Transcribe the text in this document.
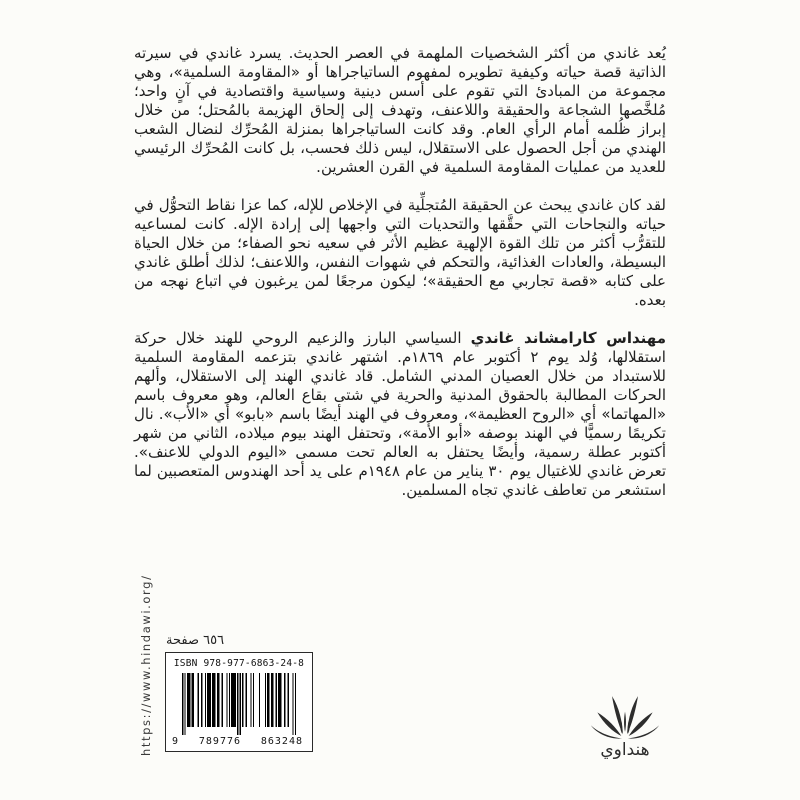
يُعد غاندي من أكثر الشخصيات الملهمة في العصر الحديث. يسرد غاندي في سيرته الذاتية قصة حياته وكيفية تطويره لمفهوم الساتياجراها أو «المقاومة السلمية»، وهي مجموعة من المبادئ التي تقوم على أسس دينية وسياسية واقتصادية في آنٍ واحد؛ مُلخَّصها الشجاعة والحقيقة واللاعنف، وتهدف إلى إلحاق الهزيمة بالمُحتل؛ من خلال إبراز ظُلمه أمام الرأي العام. وقد كانت الساتياجراها بمنزلة المُحرِّك لنضال الشعب الهندي من أجل الحصول على الاستقلال، ليس ذلك فحسب، بل كانت المُحرِّك الرئيسي للعديد من عمليات المقاومة السلمية في القرن العشرين.

لقد كان غاندي يبحث عن الحقيقة المُتجلِّية في الإخلاص للإله، كما عزا نقاط التحوُّل في حياته والنجاحات التي حقَّقها والتحديات التي واجهها إلى إرادة الإله. كانت لمساعيه للتقرُّب أكثر من تلك القوة الإلهية عظيم الأثر في سعيه نحو الصفاء؛ من خلال الحياة البسيطة، والعادات الغذائية، والتحكم في شهوات النفس، واللاعنف؛ لذلك أطلق غاندي على كتابه «قصة تجاربي مع الحقيقة»؛ ليكون مرجعًا لمن يرغبون في اتباع نهجه من بعده.

مهنداس كارامشاند غاندي السياسي البارز والزعيم الروحي للهند خلال حركة استقلالها، وُلد يوم ٢ أكتوبر عام ١٨٦٩م. اشتهر غاندي بتزعمه المقاومة السلمية للاستبداد من خلال العصيان المدني الشامل. قاد غاندي الهند إلى الاستقلال، وألهم الحركات المطالبة بالحقوق المدنية والحرية في شتى بقاع العالم، وهو معروف باسم «المهاتما» أي «الروح العظيمة»، ومعروف في الهند أيضًا باسم «بابو» أي «الأب». نال تكريمًا رسميًّا في الهند بوصفه «أبو الأمة»، وتحتفل الهند بيوم ميلاده، الثاني من شهر أكتوبر عطلة رسمية، وأيضًا يحتفل به العالم تحت مسمى «اليوم الدولي للاعنف». تعرض غاندي للاغتيال يوم ٣٠ يناير من عام ١٩٤٨م على يد أحد الهندوس المتعصبين لما استشعر من تعاطف غاندي تجاه المسلمين.

https://www.hindawi.org/ ٦٥٦ صفحة
ISBN 978-977-6863-24-8
9 789776 863248	هنداوي
